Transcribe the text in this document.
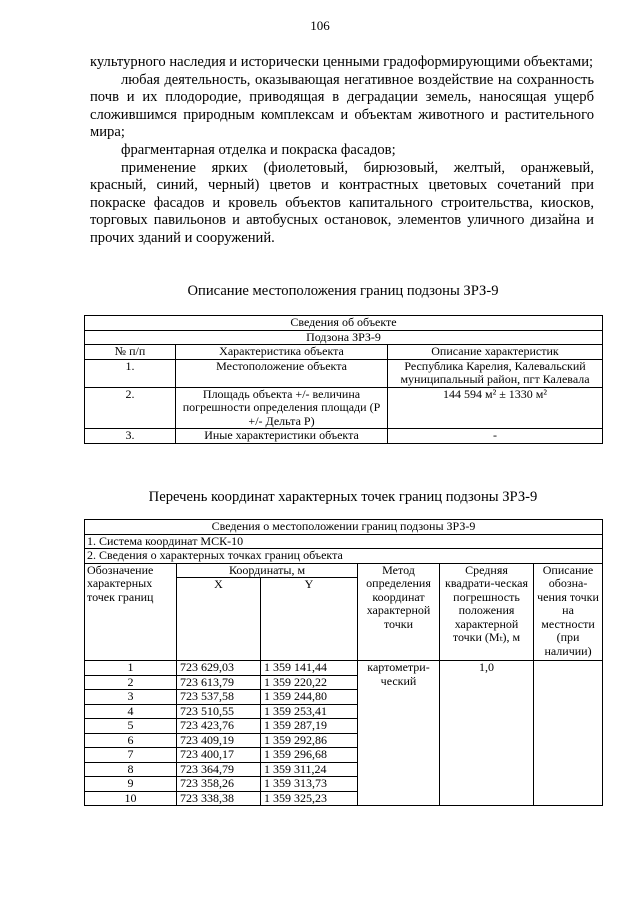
106

культурного наследия и исторически ценными градоформирующими объектами;

любая деятельность, оказывающая негативное воздействие на сохранность почв и их плодородие, приводящая в деградации земель, наносящая ущерб сложившимся природным комплексам и объектам животного и растительного мира;

фрагментарная отделка и покраска фасадов;

применение ярких (фиолетовый, бирюзовый, желтый, оранжевый, красный, синий, черный) цветов и контрастных цветовых сочетаний при покраске фасадов и кровель объектов капитального строительства, киосков, торговых павильонов и автобусных остановок, элементов уличного дизайна и прочих зданий и сооружений.

Описание местоположения границ подзоны ЗРЗ-9
Сведения об объекте		
Подзона ЗРЗ-9		
№ п/п	Характеристика объекта	Описание характеристик
1.	Местоположение объекта	Республика Карелия, Калевальский муниципальный район, пгт Калевала
2.	Площадь объекта +/- величина погрешности определения площади (Р +/- Дельта Р)	144 594 м² ± 1330 м²
3.	Иные характеристики объекта	-
Перечень координат характерных точек границ подзоны ЗРЗ-9
Сведения о местоположении границ подзоны ЗРЗ-9					
1. Система координат МСК-10					
2. Сведения о характерных точках границ объекта					
Обозначение характерных точек границ	Координаты, м		Метод определения координат характерной точки	Средняя квадрати-ческая погрешность положения характерной точки (Mₜ), м	Описание обозна-чения точки на местности (при наличии)
	X	Y			
1	723 629,03	1 359 141,44	картометри-ческий	1,0	
2	723 613,79	1 359 220,22			
3	723 537,58	1 359 244,80			
4	723 510,55	1 359 253,41			
5	723 423,76	1 359 287,19			
6	723 409,19	1 359 292,86			
7	723 400,17	1 359 296,68			
8	723 364,79	1 359 311,24			
9	723 358,26	1 359 313,73			
10	723 338,38	1 359 325,23			
